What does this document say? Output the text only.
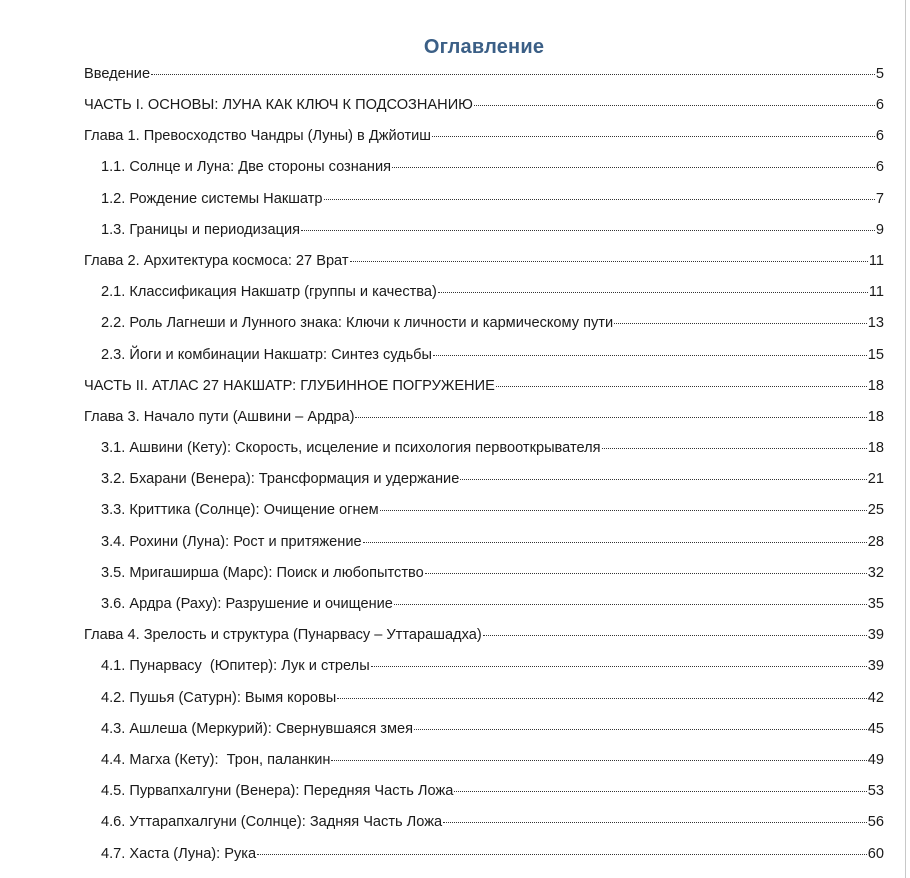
Оглавление
Введение	5
ЧАСТЬ I. ОСНОВЫ: ЛУНА КАК КЛЮЧ К ПОДСОЗНАНИЮ	6
Глава 1. Превосходство Чандры (Луны) в Джйотиш	6
1.1. Солнце и Луна: Две стороны сознания	6
1.2. Рождение системы Накшатр	7
1.3. Границы и периодизация	9
Глава 2. Архитектура космоса: 27 Врат	11
2.1. Классификация Накшатр (группы и качества)	11
2.2. Роль Лагнеши и Лунного знака: Ключи к личности и кармическому пути	13
2.3. Йоги и комбинации Накшатр: Синтез судьбы	15
ЧАСТЬ II. АТЛАС 27 НАКШАТР: ГЛУБИННОЕ ПОГРУЖЕНИЕ	18
Глава 3. Начало пути (Ашвини – Ардра)	18
3.1. Ашвини (Кету): Скорость, исцеление и психология первооткрывателя	18
3.2. Бхарани (Венера): Трансформация и удержание	21
3.3. Криттика (Солнце): Очищение огнем	25
3.4. Рохини (Луна): Рост и притяжение	28
3.5. Мригаширша (Марс): Поиск и любопытство	32
3.6. Ардра (Раху): Разрушение и очищение	35
Глава 4. Зрелость и структура (Пунарвасу – Уттарашадха)	39
4.1. Пунарвасу  (Юпитер): Лук и стрелы	39
4.2. Пушья (Сатурн): Вымя коровы	42
4.3. Ашлеша (Меркурий): Свернувшаяся змея	45
4.4. Магха (Кету):  Трон, паланкин	49
4.5. Пурвапхалгуни (Венера): Передняя Часть Ложа	53
4.6. Уттарапхалгуни (Солнце): Задняя Часть Ложа	56
4.7. Хаста (Луна): Рука	60
